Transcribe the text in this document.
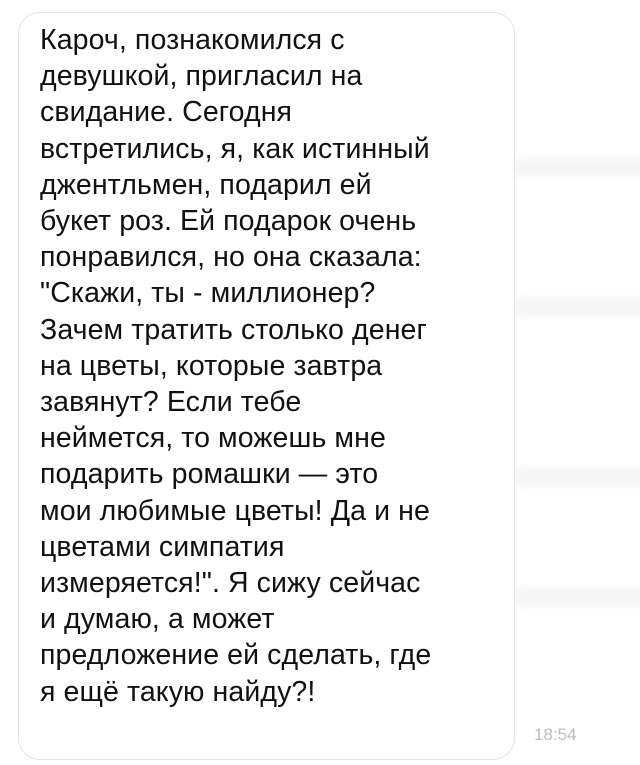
Кароч, познакомился с
девушкой, пригласил на
свидание. Сегодня
встретились, я, как истинный
джентльмен, подарил ей
букет роз. Ей подарок очень
понравился, но она сказала:
"Скажи, ты - миллионер?
Зачем тратить столько денег
на цветы, которые завтра
завянут? Если тебе
неймется, то можешь мне
подарить ромашки — это
мои любимые цветы! Да и не
цветами симпатия
измеряется!". Я сижу сейчас
и думаю, а может
предложение ей сделать, где
я ещё такую найду?!

18:54
